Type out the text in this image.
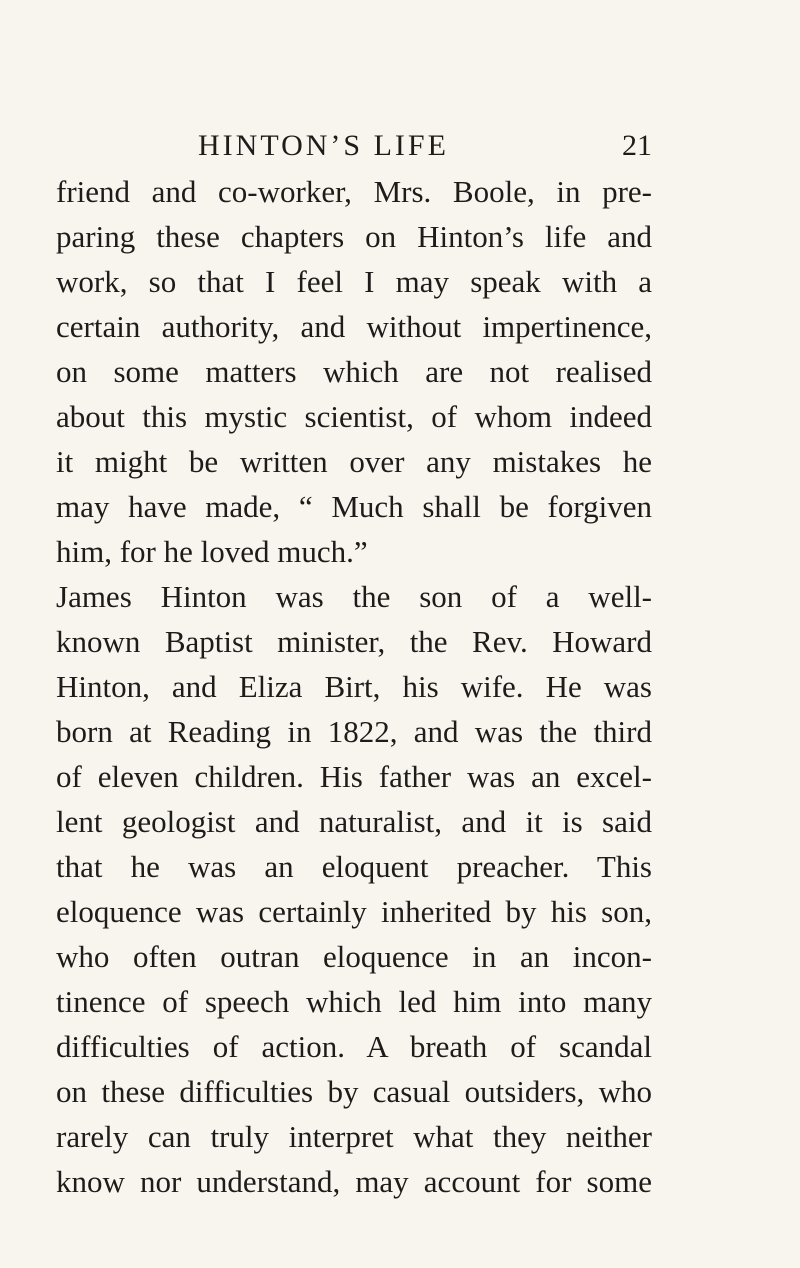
HINTON’S LIFE	21
friend and co-worker, Mrs. Boole, in pre-
paring these chapters on Hinton’s life and
work, so that I feel I may speak with a
certain authority, and without impertinence,
on some matters which are not realised
about this mystic scientist, of whom indeed
it might be written over any mistakes he
may have made, “ Much shall be forgiven
him, for he loved much.”
James Hinton was the son of a well-
known Baptist minister, the Rev. Howard
Hinton, and Eliza Birt, his wife. He was
born at Reading in 1822, and was the third
of eleven children. His father was an excel-
lent geologist and naturalist, and it is said
that he was an eloquent preacher. This
eloquence was certainly inherited by his son,
who often outran eloquence in an incon-
tinence of speech which led him into many
difficulties of action. A breath of scandal
on these difficulties by casual outsiders, who
rarely can truly interpret what they neither
know nor understand, may account for some
